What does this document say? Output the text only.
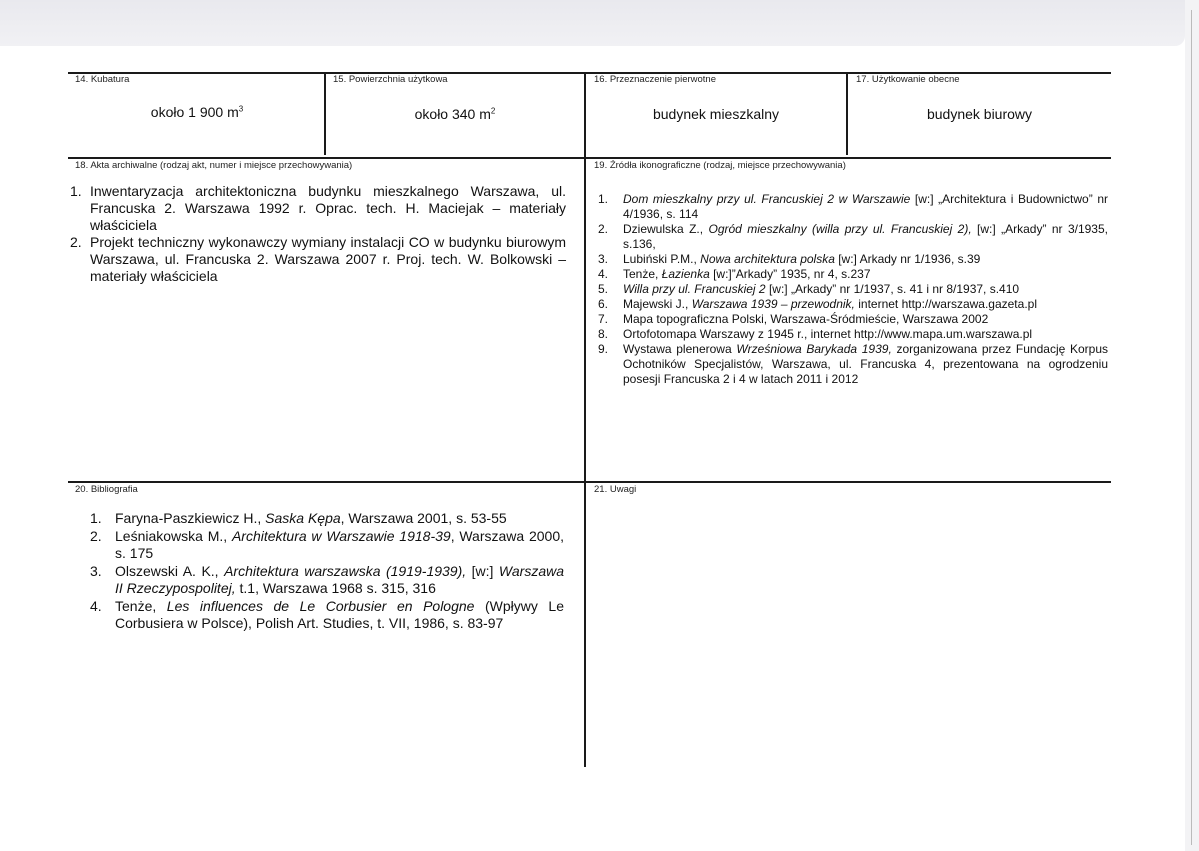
14. Kubatura
około 1 900 $m^3$
15. Powierzchnia użytkowa
około 340 $m^2$
16. Przeznaczenie pierwotne
budynek mieszkalny
17. Użytkowanie obecne
budynek biurowy
18. Akta archiwalne (rodzaj akt, numer i miejsce przechowywania)
1. Inwentaryzacja architektoniczna budynku mieszkalnego Warszawa, ul. Francuska 2. Warszawa 1992 r. Oprac. tech. H. Maciejak – materiały właściciela
2. Projekt techniczny wykonawczy wymiany instalacji CO w budynku biurowym Warszawa, ul. Francuska 2. Warszawa 2007 r. Proj. tech. W. Bolkowski – materiały właściciela
19. Źródła ikonograficzne (rodzaj, miejsce przechowywania)
1.	Dom mieszkalny przy ul. Francuskiej 2 w Warszawie [w:] „Architektura i Budownictwo” nr 4/1936, s. 114
2.	Dziewulska Z., Ogród mieszkalny (willa przy ul. Francuskiej 2), [w:] „Arkady” nr 3/1935, s.136,
3.	Lubiński P.M., Nowa architektura polska [w:] Arkady nr 1/1936, s.39
4.	Tenże, Łazienka [w:]”Arkady” 1935, nr 4, s.237
5.	Willa przy ul. Francuskiej 2 [w:] „Arkady” nr 1/1937, s. 41 i nr 8/1937, s.410
6.	Majewski J., Warszawa 1939 – przewodnik, internet http://warszawa.gazeta.pl
7.	Mapa topograficzna Polski, Warszawa-Śródmieście, Warszawa 2002
8.	Ortofotomapa Warszawy z 1945 r., internet http://www.mapa.um.warszawa.pl
9.	Wystawa plenerowa Wrześniowa Barykada 1939, zorganizowana przez Fundację Korpus Ochotników Specjalistów, Warszawa, ul. Francuska 4, prezentowana na ogrodzeniu posesji Francuska 2 i 4 w latach 2011 i 2012
20. Bibliografia
1. Faryna-Paszkiewicz H., Saska Kępa, Warszawa 2001, s. 53-55
2. Leśniakowska M., Architektura w Warszawie 1918-39, Warszawa 2000, s. 175
3. Olszewski A. K., Architektura warszawska (1919-1939), [w:] Warszawa II Rzeczypospolitej, t.1, Warszawa 1968 s. 315, 316
4. Tenże, Les influences de Le Corbusier en Pologne (Wpływy Le Corbusiera w Polsce), Polish Art. Studies, t. VII, 1986, s. 83-97
21. Uwagi
